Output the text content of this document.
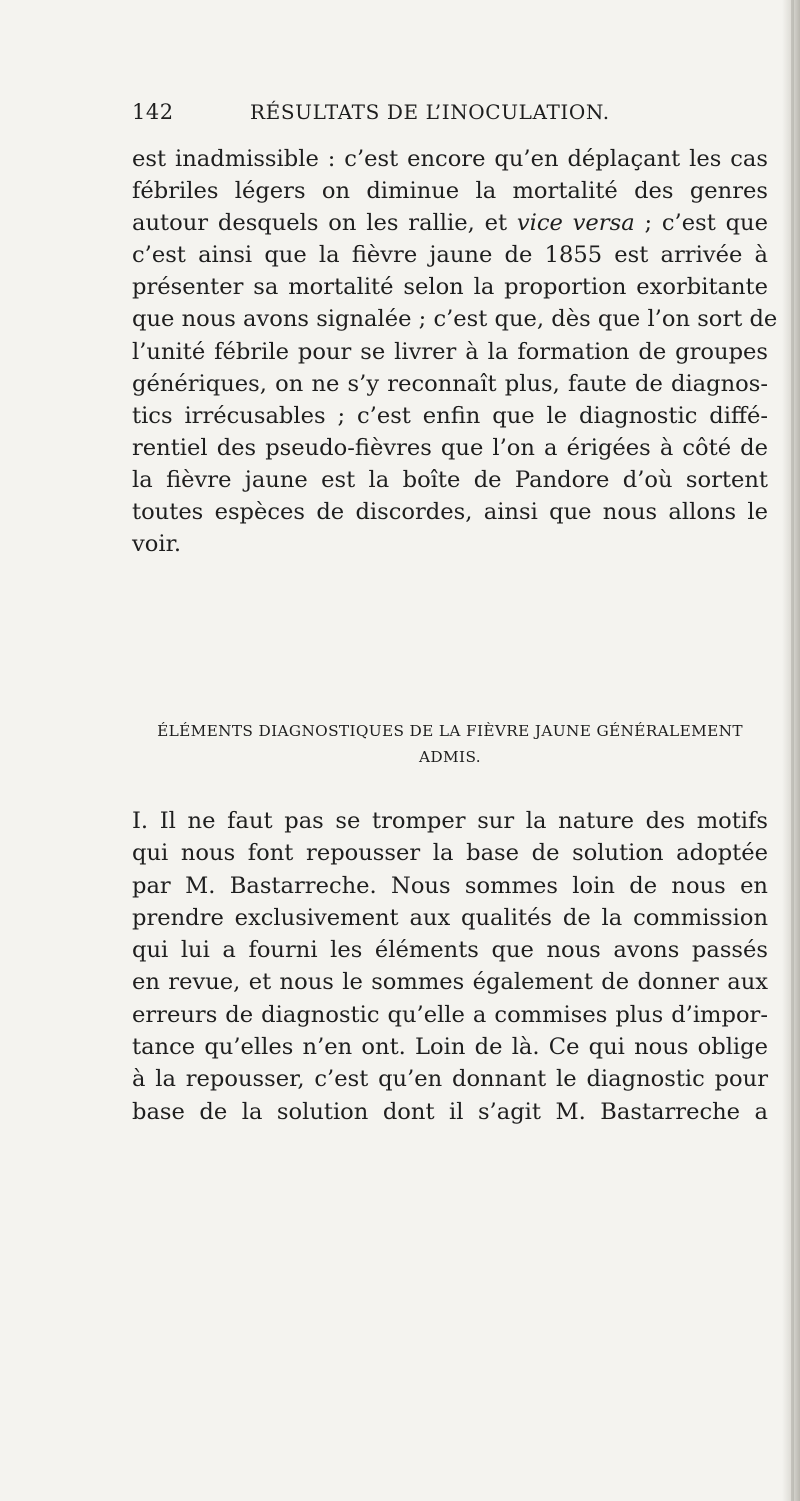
142	RÉSULTATS DE L’INOCULATION.
est inadmissible : c’est encore qu’en déplaçant les cas
fébriles légers on diminue la mortalité des genres
autour desquels on les rallie, et vice versa ; c’est que
c’est ainsi que la fièvre jaune de 1855 est arrivée à
présenter sa mortalité selon la proportion exorbitante
que nous avons signalée ; c’est que, dès que l’on sort de
l’unité fébrile pour se livrer à la formation de groupes
génériques, on ne s’y reconnaît plus, faute de diagnos-
tics irrécusables ; c’est enfin que le diagnostic diffé-
rentiel des pseudo-fièvres que l’on a érigées à côté de
la fièvre jaune est la boîte de Pandore d’où sortent
toutes espèces de discordes, ainsi que nous allons le
voir.
ÉLÉMENTS DIAGNOSTIQUES DE LA FIÈVRE JAUNE GÉNÉRALEMENT
ADMIS.
I. Il ne faut pas se tromper sur la nature des motifs
qui nous font repousser la base de solution adoptée
par M. Bastarreche. Nous sommes loin de nous en
prendre exclusivement aux qualités de la commission
qui lui a fourni les éléments que nous avons passés
en revue, et nous le sommes également de donner aux
erreurs de diagnostic qu’elle a commises plus d’impor-
tance qu’elles n’en ont. Loin de là. Ce qui nous oblige
à la repousser, c’est qu’en donnant le diagnostic pour
base de la solution dont il s’agit M. Bastarreche a
